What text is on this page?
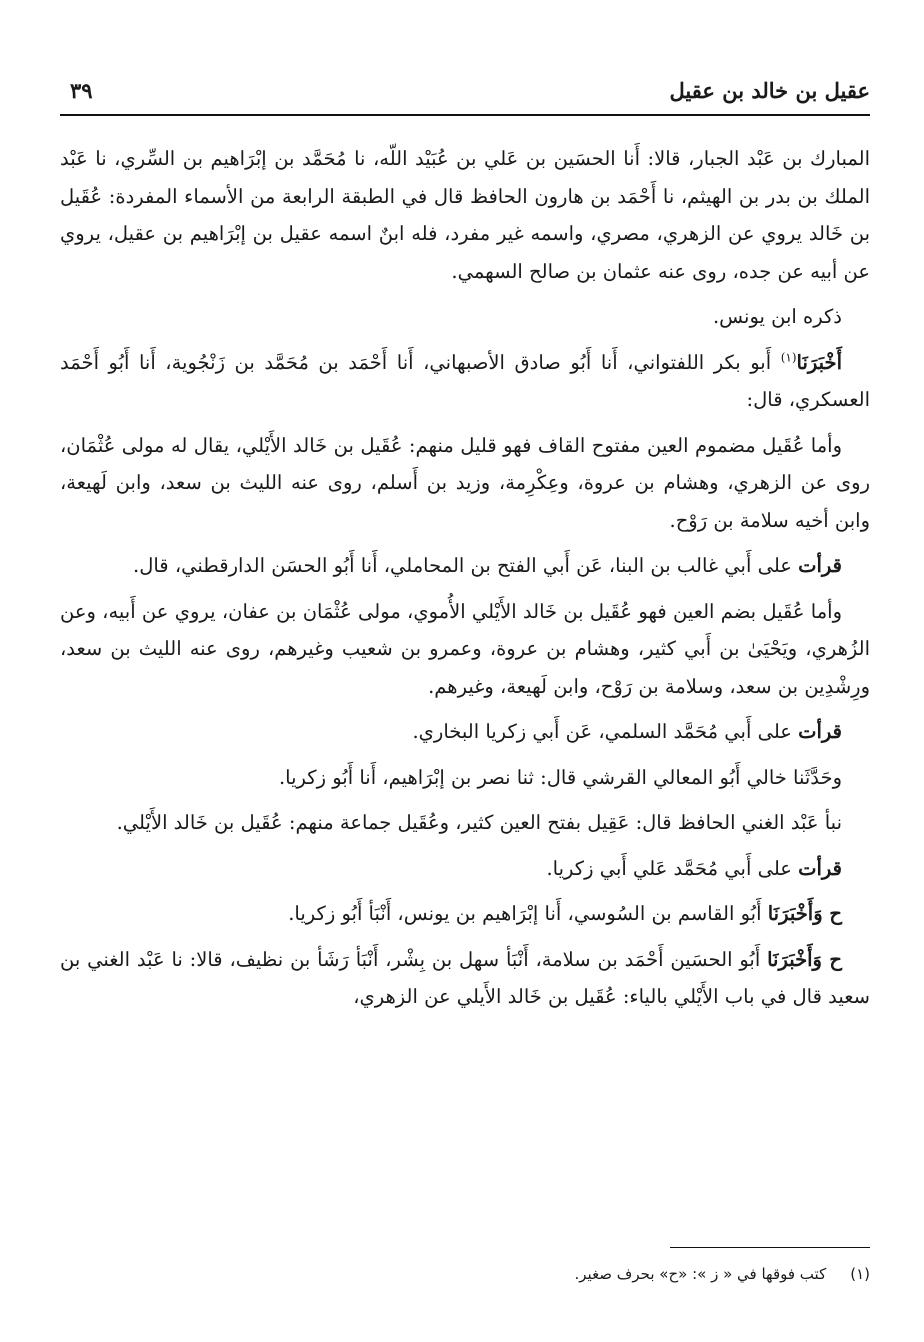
عقيل بن خالد بن عقيل
٣٩

المبارك بن عَبْد الجبار، قالا: أَنا الحسَين بن عَلي بن عُبَيْد اللّه، نا مُحَمَّد بن إبْرَاهيم بن السِّري، نا عَبْد الملك بن بدر بن الهيثم، نا أَحْمَد بن هارون الحافظ قال في الطبقة الرابعة من الأسماء المفردة: عُقَيل بن خَالد يروي عن الزهري، مصري، واسمه غير مفرد، فله ابنٌ اسمه عقيل بن إبْرَاهيم بن عقيل، يروي عن أبيه عن جده، روى عنه عثمان بن صالح السهمي.

ذكره ابن يونس.

أَخْبَرَنَا$^{(١)}$ أَبو بكر اللفتواني، أَنا أَبُو صادق الأصبهاني، أَنا أَحْمَد بن مُحَمَّد بن زَنْجُوية، أَنا أَبُو أَحْمَد العسكري، قال:

وأما عُقَيل مضموم العين مفتوح القاف فهو قليل منهم: عُقَيل بن خَالد الأَيْلي، يقال له مولى عُثْمَان، روى عن الزهري، وهشام بن عروة، وعِكْرِمة، وزيد بن أَسلم، روى عنه الليث بن سعد، وابن لَهيعة، وابن أخيه سلامة بن رَوْح.

قرأت على أَبي غالب بن البنا، عَن أَبي الفتح بن المحاملي، أَنا أَبُو الحسَن الدارقطني، قال.

وأما عُقَيل بضم العين فهو عُقَيل بن خَالد الأَيْلي الأُموي، مولى عُثْمَان بن عفان، يروي عن أَبيه، وعن الزُهري، ويَحْيَىٰ بن أَبي كثير، وهشام بن عروة، وعمرو بن شعيب وغيرهم، روى عنه الليث بن سعد، ورِشْدِين بن سعد، وسلامة بن رَوْح، وابن لَهيعة، وغيرهم.

قرأت على أَبي مُحَمَّد السلمي، عَن أَبي زكريا البخاري.

وحَدَّثَنا خالي أَبُو المعالي القرشي قال: ثنا نصر بن إبْرَاهيم، أَنا أَبُو زكريا.

نبأ عَبْد الغني الحافظ قال: عَقِيل بفتح العين كثير، وعُقَيل جماعة منهم: عُقَيل بن خَالد الأَيْلي.

قرأت على أَبي مُحَمَّد عَلي أَبي زكريا.

ح وَأَخْبَرَنَا أَبُو القاسم بن السُوسي، أَنا إبْرَاهيم بن يونس، أَنْبَأ أَبُو زكريا.

ح وَأَخْبَرَنَا أَبُو الحسَين أَحْمَد بن سلامة، أَنْبَأ سهل بن بِشْر، أَنْبَأ رَشَأ بن نظيف، قالا: نا عَبْد الغني بن سعيد قال في باب الأَيْلي بالياء: عُقَيل بن خَالد الأَيلي عن الزهري،

(١)كتب فوقها في « ز »: «ح» بحرف صغير.
